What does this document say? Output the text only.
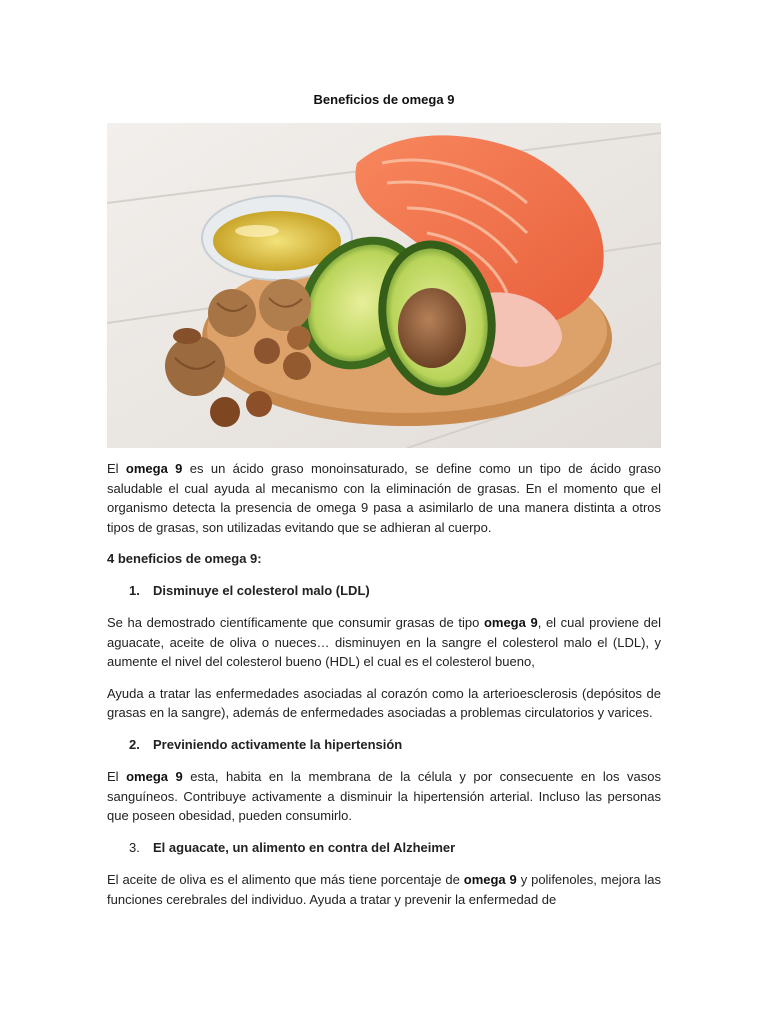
Beneficios de omega 9

El omega 9 es un ácido graso monoinsaturado, se define como un tipo de ácido graso saludable el cual ayuda al mecanismo con la eliminación de grasas. En el momento que el organismo detecta la presencia de omega 9 pasa a asimilarlo de una manera distinta a otros tipos de grasas, son utilizadas evitando que se adhieran al cuerpo.

4 beneficios de omega 9:
1.	Disminuye el colesterol malo (LDL)

Se ha demostrado científicamente que consumir grasas de tipo omega 9, el cual proviene del aguacate, aceite de oliva o nueces… disminuyen en la sangre el colesterol malo el (LDL), y aumente el nivel del colesterol bueno (HDL) el cual es el colesterol bueno,

Ayuda a tratar las enfermedades asociadas al corazón como la arterioesclerosis (depósitos de grasas en la sangre), además de enfermedades asociadas a problemas circulatorios y varices.

2.	Previniendo activamente la hipertensión

El omega 9 esta, habita en la membrana de la célula y por consecuente en los vasos sanguíneos. Contribuye activamente a disminuir la hipertensión arterial. Incluso las personas que poseen obesidad, pueden consumirlo.

3.	El aguacate, un alimento en contra del Alzheimer

El aceite de oliva es el alimento que más tiene porcentaje de omega 9 y polifenoles, mejora las funciones cerebrales del individuo. Ayuda a tratar y prevenir la enfermedad de
